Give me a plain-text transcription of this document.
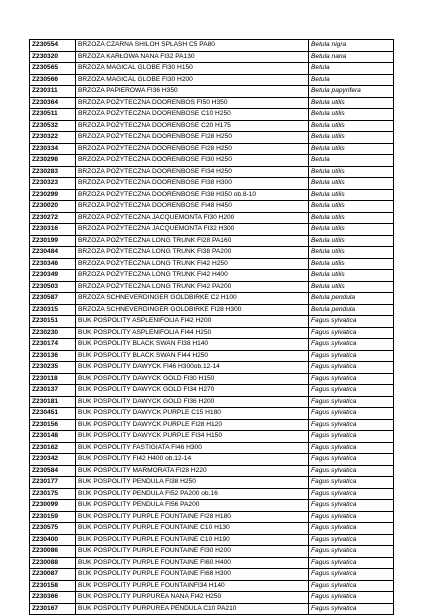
Z230554	BRZOZA CZARNA SHILOH SPLASH C5 PA80	Betula nigra
Z230320	BRZOZA KARŁOWA NANA FI32 PA130	Betula nana
Z230565	BRZOZA MAGICAL GLOBE FI30 H150	Betula
Z230566	BRZOZA MAGICAL GLOBE FI30 H200	Betula
Z230311	BRZOZA PAPIEROWA FI36 H350	Betula papyrifera
Z230364	BRZOZA POŻYTECZNA DOORENBOS FI50 H350	Betula utilis
Z230511	BRZOZA POŻYTECZNA DOORENBOSE C10 H250	Betula utilis
Z230532	BRZOZA POŻYTECZNA DOORENBOSE C20 H175	Betula utilis
Z230322	BRZOZA POŻYTECZNA DOORENBOSE FI28 H250	Betula utilis
Z230334	BRZOZA POŻYTECZNA DOORENBOSE FI28 H250	Betula utilis
Z230298	BRZOZA POŻYTECZNA DOORENBOSE FI30 H250	Betula
Z230283	BRZOZA POŻYTECZNA DOORENBOSE FI34 H250	Betula utilis
Z230323	BRZOZA POŻYTECZNA DOORENBOSE FI38 H300	Betula utilis
Z230299	BRZOZA POŻYTECZNA DOORENBOSE FI38 H350 ob.8-10	Betula utilis
Z230020	BRZOZA POŻYTECZNA DOORENBOSE FI48 H450	Betula utilis
Z230272	BRZOZA POŻYTECZNA JACQUEMONTA FI30 H200	Betula utilis
Z230316	BRZOZA POŻYTECZNA JACQUEMONTA FI32 H300	Betula utilis
Z230199	BRZOZA POŻYTECZNA LONG TRUNK FI28 PA160	Betula utilis
Z230484	BRZOZA POŻYTECZNA LONG TRUNK FI38 PA200	Betula utilis
Z230346	BRZOZA POŻYTECZNA LONG TRUNK FI42 H250	Betula utilis
Z230349	BRZOZA POŻYTECZNA LONG TRUNK FI42 H400	Betula utilis
Z230503	BRZOZA POŻYTECZNA LONG TRUNK FI42 PA200	Betula utilis
Z230587	BRZOZA SCHNEVERDINGER GOLDBIRKE C2 H100	Betula pendula
Z230315	BRZOZA SCHNEVERDINGER GOLDBIRKE FI28 H300	Betula pendula
Z230151	BUK POSPOLITY ASPLENIFOLIA FI42 H200	Fagus sylvatica
Z230230	BUK POSPOLITY ASPLENIFOLIA FI44 H250	Fagus sylvatica
Z230174	BUK POSPOLITY BLACK SWAN FI38 H140	Fagus sylvatica
Z230136	BUK POSPOLITY BLACK SWAN FI44 H250	Fagus sylvatica
Z230235	BUK POSPOLITY DAWYCK FI46 H300ob.12-14	Fagus sylvatica
Z230118	BUK POSPOLITY DAWYCK GOLD FI30 H150	Fagus sylvatica
Z230137	BUK POSPOLITY DAWYCK GOLD FI34 H270	Fagus sylvatica
Z230181	BUK POSPOLITY DAWYCK GOLD FI36 H200	Fagus sylvatica
Z230451	BUK POSPOLITY DAWYCK PURPLE C15 H180	Fagus sylvatica
Z230156	BUK POSPOLITY DAWYCK PURPLE FI28 H120	Fagus sylvatica
Z230148	BUK POSPOLITY DAWYCK PURPLE FI34 H150	Fagus sylvatica
Z230162	BUK POSPOLITY FASTIGIATA FI46 H300	Fagus sylvatica
Z230342	BUK POSPOLITY FI42 H400 ob.12-14	Fagus sylvatica
Z230584	BUK POSPOLITY MARMORATA FI28 H220	Fagus sylvatica
Z230177	BUK POSPOLITY PENDULA FI38 H250	Fagus sylvatica
Z230175	BUK POSPOLITY PENDULA FI52 PA200 ob.16	Fagus sylvatica
Z230099	BUK POSPOLITY PENDULA FI56 PA200	Fagus sylvatica
Z230159	BUK POSPOLITY PURPLE FOUNTAINE FI28 H180	Fagus sylvatica
Z230575	BUK POSPOLITY PURPLE FOUNTAINE C10 H130	Fagus sylvatica
Z230400	BUK POSPOLITY PURPLE FOUNTAINE C10 H190	Fagus sylvatica
Z230086	BUK POSPOLITY PURPLE FOUNTAINE FI30 H200	Fagus sylvatica
Z230088	BUK POSPOLITY PURPLE FOUNTAINE FI60 H400	Fagus sylvatica
Z230087	BUK POSPOLITY PURPLE FOUNTAINE FI68 H300	Fagus sylvatica
Z230158	BUK POSPOLITY PURPLE FOUNTAINFI34 H140	Fagus sylvatica
Z230366	BUK POSPOLITY PURPUREA NANA FI42 H250	Fagus sylvatica
Z230167	BUK POSPOLITY PURPUREA PENDULA C10 PA210	Fagus sylvatica
